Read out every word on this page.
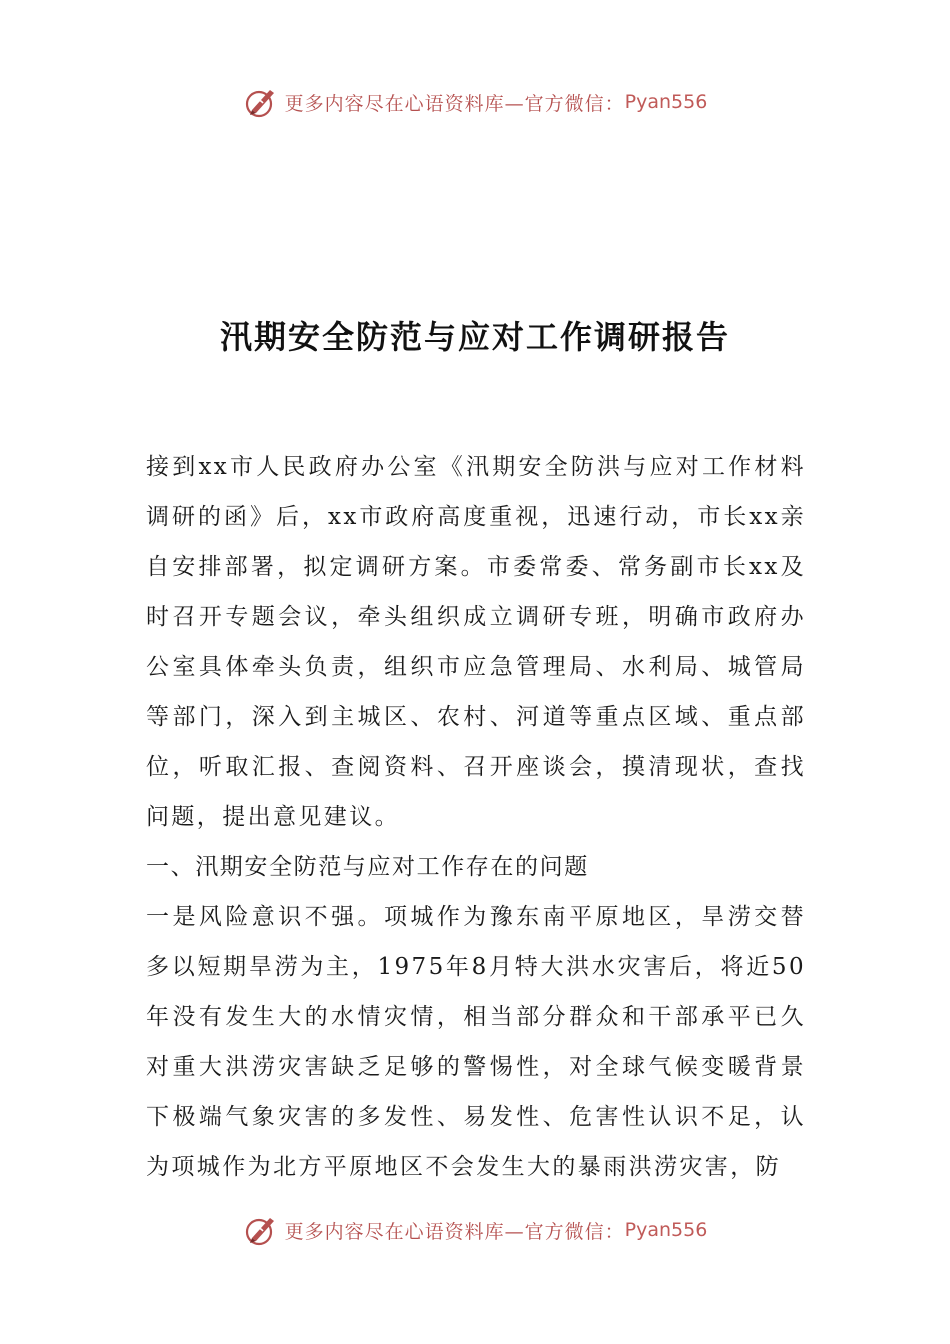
更多内容尽在心语资料库—官方微信： Pyan556
汛期安全防范与应对工作调研报告

接到xx市人民政府办公室《汛期安全防洪与应对工作材料调研的函》后，xx市政府高度重视，迅速行动，市长xx亲自安排部署，拟定调研方案。市委常委、常务副市长xx及时召开专题会议，牵头组织成立调研专班，明确市政府办公室具体牵头负责，组织市应急管理局、水利局、城管局等部门，深入到主城区、农村、河道等重点区域、重点部位，听取汇报、查阅资料、召开座谈会，摸清现状，查找问题，提出意见建议。

一、汛期安全防范与应对工作存在的问题

一是风险意识不强。项城作为豫东南平原地区，旱涝交替多以短期旱涝为主，1975年8月特大洪水灾害后，将近50年没有发生大的水情灾情，相当部分群众和干部承平已久对重大洪涝灾害缺乏足够的警惕性，对全球气候变暖背景下极端气象灾害的多发性、易发性、危害性认识不足，认为项城作为北方平原地区不会发生大的暴雨洪涝灾害，防

更多内容尽在心语资料库—官方微信： Pyan556
